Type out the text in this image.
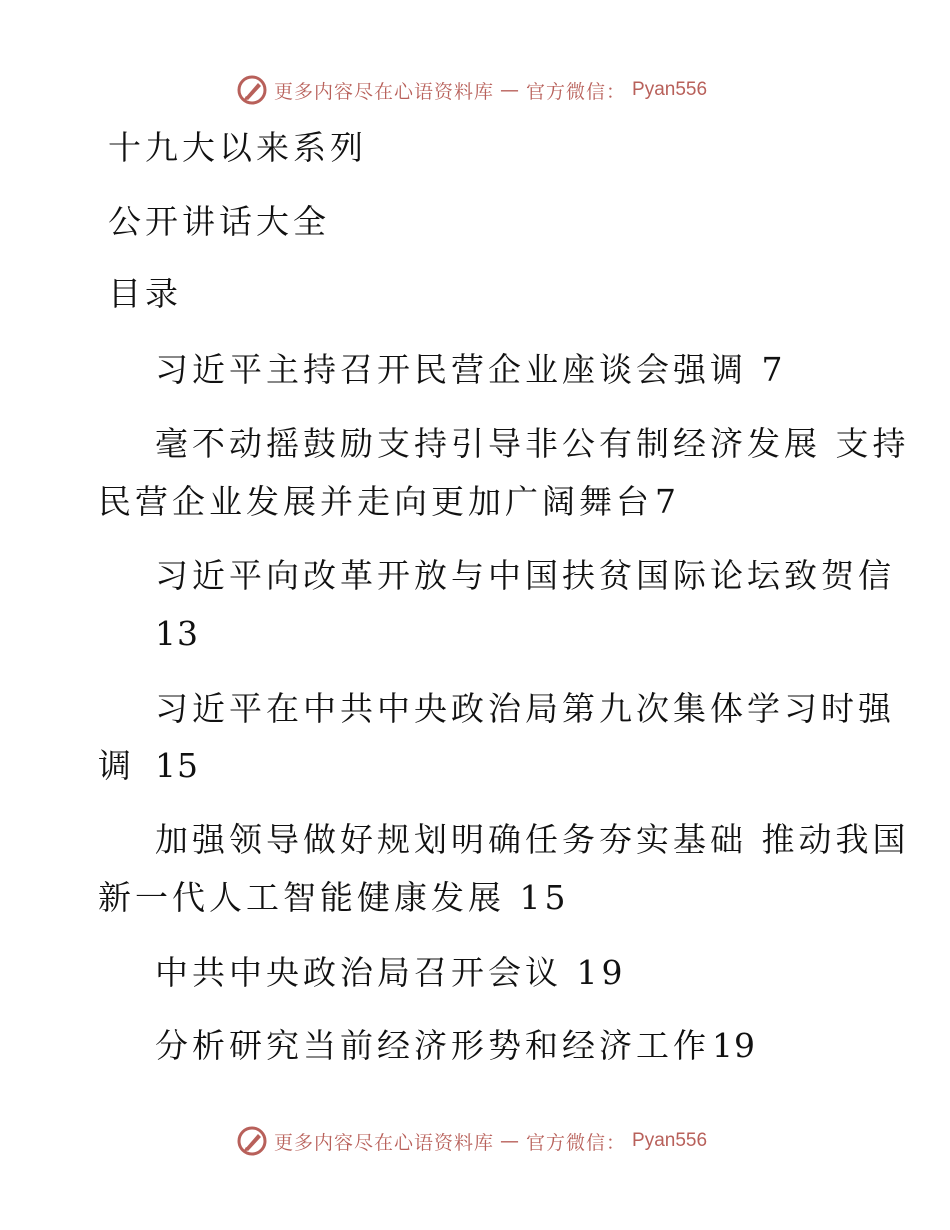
更多内容尽在心语资料库 — 官方微信： Pyan556
十九大以来系列
公开讲话大全
目录
习近平主持召开民营企业座谈会强调 7
毫不动摇鼓励支持引导非公有制经济发展 支持
民营企业发展并走向更加广阔舞台 7
习近平向改革开放与中国扶贫国际论坛致贺信
13
习近平在中共中央政治局第九次集体学习时强
调 15
加强领导做好规划明确任务夯实基础 推动我国
新一代人工智能健康发展 15
中共中央政治局召开会议 19
分析研究当前经济形势和经济工作 19
更多内容尽在心语资料库 — 官方微信： Pyan556
